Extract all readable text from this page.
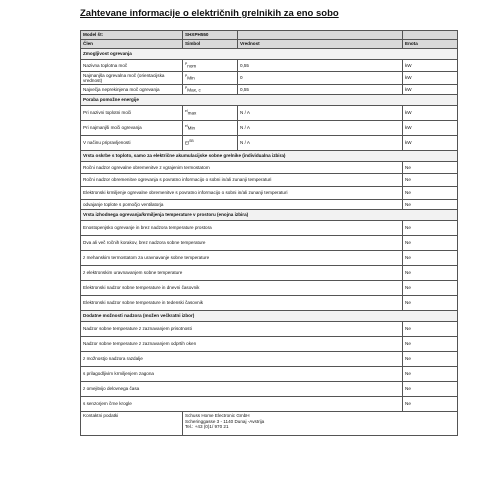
Zahtevane informacije o električnih grelnikih za eno sobo
Model št:	SHXPH550		
Člen	Simbol	Vrednost	Enota
Zmogljivost ogrevanja			
Nazivna toplotna moč	$^P$nom	0,55	kW
Najmanjša ogrevalna moč (orientacijska vrednost)	$^P$Min	0	kW
Največja neprekinjena moč ogrevanja	$^P$Max, c	0,55	kW
Poraba pomožne energije			
Pri nazivni toplotni moči	$^{el}$max	N / A	kW
Pri najmanjši moči ogrevanja	$^{el}$Min	N / A	kW
V načinu pripravljenosti	$El^{SB}$	N / A	kW
Vrsta oskrbe s toploto, samo za električne akumulacijske sobne grelnike (individualna izbira)			
Ročni nadzor ogrevalne obremenitve z vgrajenim termostatom			Ne
Ročni nadzor obremenitve ogrevanja s povratno informacijo o sobni in/ali zunanji temperaturi			Ne
Elektronski krmiljenje ogrevalne obremenitve s povratno informacijo o sobni in/ali zunanji temperaturi			Ne
odvajanje toplote s pomočjo ventilatorja			Ne
Vrsta izhodnega ogrevanja/krmiljenja temperature v prostoru (enojna izbira)			
Enostopenjsko ogrevanje in brez nadzora temperature prostora			Ne
Dva ali več ročnih korakov, brez nadzora sobne temperature			Ne
z mehanskim termostatom za uravnavanje sobne temperature			Ne
z elektronskim uravnavanjem sobne temperature			Ne
Elektronski nadzor sobne temperature in dnevni časovnik			Ne
Elektronski nadzor sobne temperature in tedenski časovnik			Ne
Dodatne možnosti nadzora (možen večkratni izbor)			
Nadzor sobne temperature z zaznavanjem prisotnosti			Ne
Nadzor sobne temperature z zaznavanjem odprtih oken			Ne
z možnostjo nadzora razdalje			Ne
s prilagodljivim krmiljenjem zagona			Ne
z omejitvijo delovnega časa			Ne
s senzorjem črne krogle			Ne
Kontaktni podatki	Schuss Home Electronic GmbH
Scheringgasse 3 - 1140 Dunaj -Avstrija
Tel.: +43 (0)1/ 970 21		
